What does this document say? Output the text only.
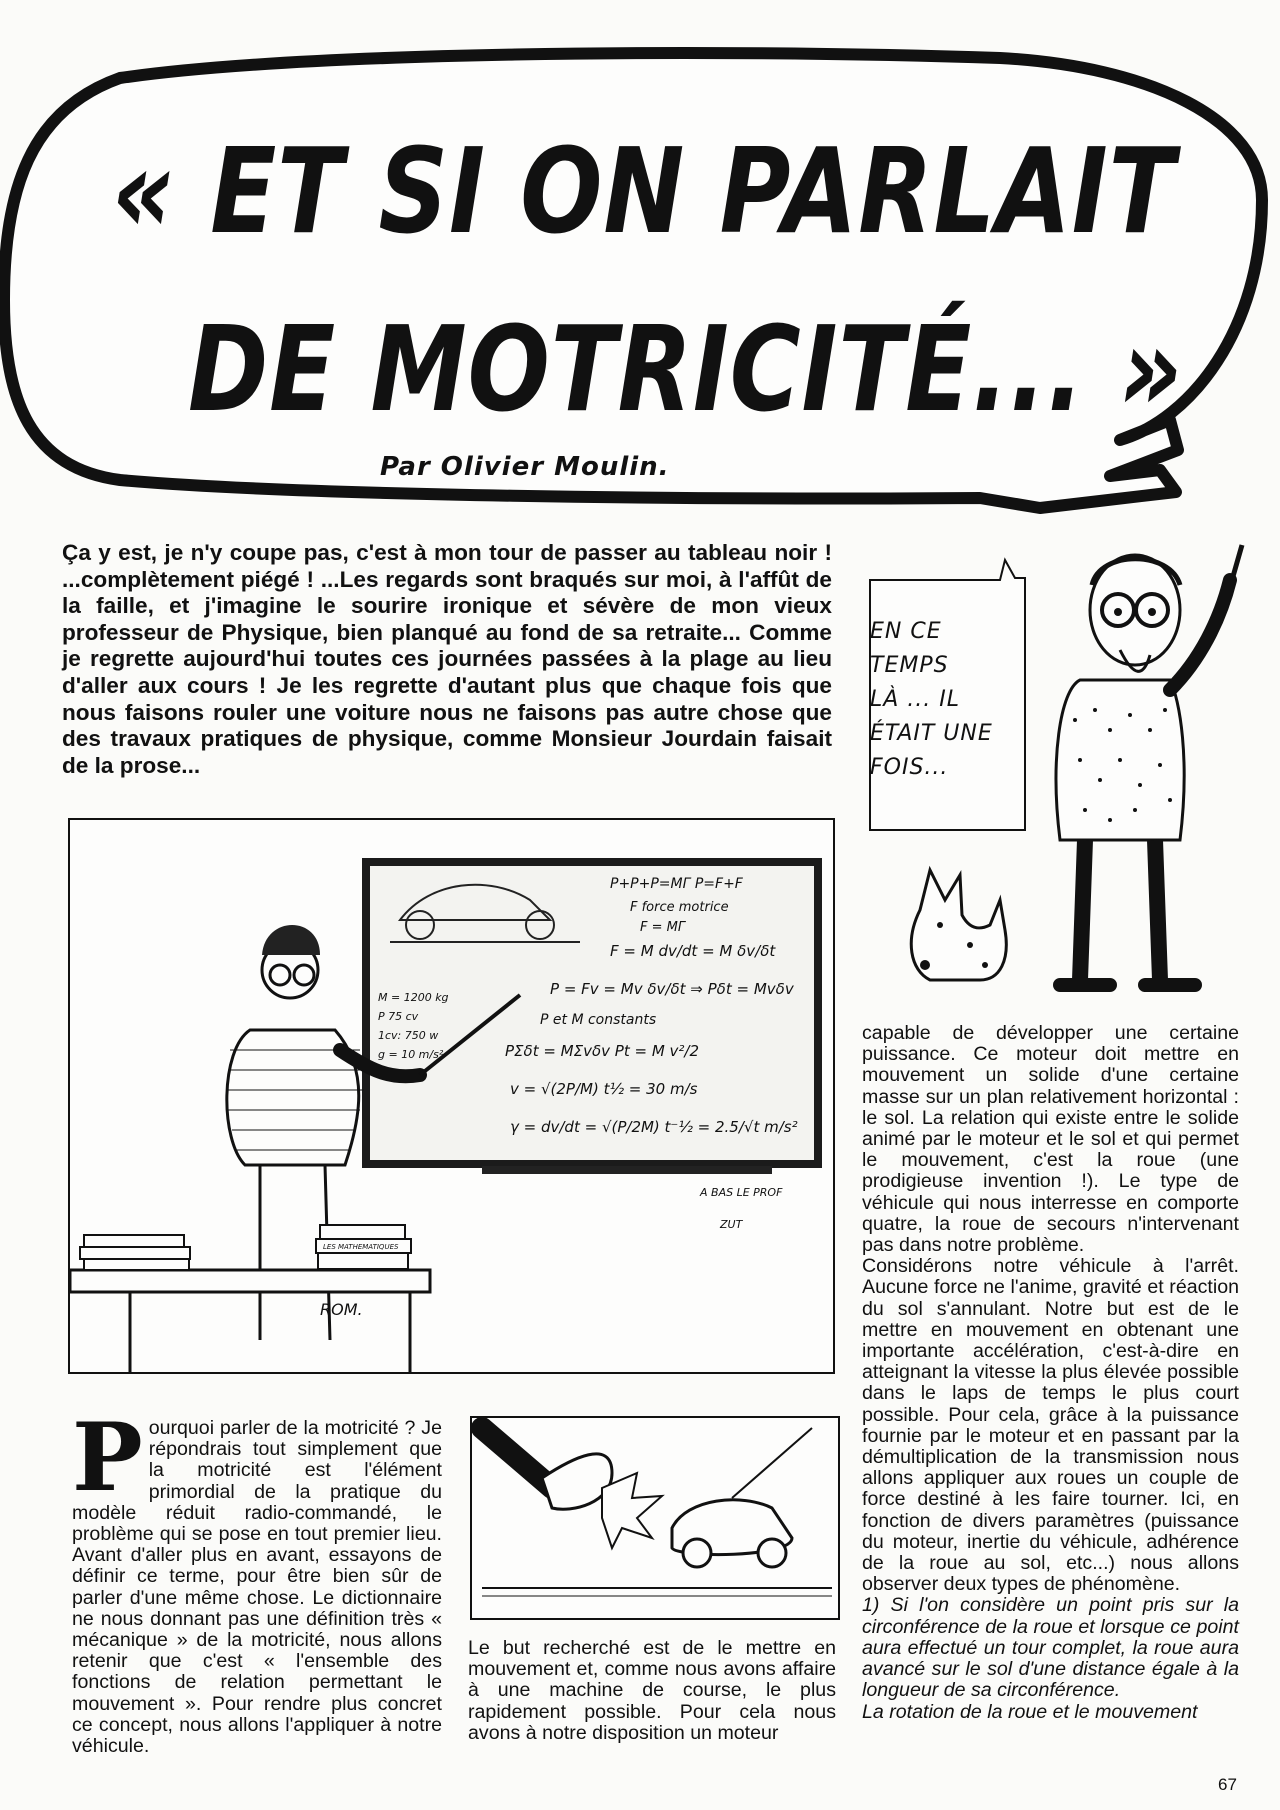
« ET SI ON PARLAIT
DE MOTRICITÉ... »
Par Olivier Moulin.
Ça y est, je n'y coupe pas, c'est à mon tour de passer au tableau noir ! ...complètement piégé ! ...Les regards sont braqués sur moi, à l'affût de la faille, et j'imagine le sourire ironique et sévère de mon vieux professeur de Physique, bien planqué au fond de sa retraite... Comme je regrette aujourd'hui toutes ces journées passées à la plage au lieu d'aller aux cours ! Je les regrette d'autant plus que chaque fois que nous faisons rouler une voiture nous ne faisons pas autre chose que des travaux pratiques de physique, comme Monsieur Jourdain faisait de la prose...
EN CE
TEMPS
LÀ ... IL
ÉTAIT UNE
FOIS...
P+P+P=MΓ P=F+F
F force motrice
F = MΓ
F = M dv/dt = M δv/δt
P = Fv = Mv δv/δt ⇒ Pδt = Mvδv
P et M constants
PΣδt = MΣvδv Pt = M v²/2
v = √(2P/M) t½ = 30 m/s
γ = dv/dt = √(P/2M) t⁻½ = 2.5/√t m/s²
M = 1200 kg
P 75 cv
1cv: 750 w
g = 10 m/s²
A BAS LE PROF
ZUT
ROM.
LES MATHEMATIQUES
Pourquoi parler de la motricité ? Je répondrais tout simplement que la motricité est l'élément primordial de la pratique du modèle réduit radio-commandé, le problème qui se pose en tout premier lieu. Avant d'aller plus en avant, essayons de définir ce terme, pour être bien sûr de parler d'une même chose. Le dictionnaire ne nous donnant pas une définition très « mécanique » de la motricité, nous allons retenir que c'est « l'ensemble des fonctions de relation permettant le mouvement ». Pour rendre plus concret ce concept, nous allons l'appliquer à notre véhicule.
Le but recherché est de le mettre en mouvement et, comme nous avons affaire à une machine de course, le plus rapidement possible. Pour cela nous avons à notre disposition un moteur
capable de développer une certaine puissance. Ce moteur doit mettre en mouvement un solide d'une certaine masse sur un plan relativement horizontal : le sol. La relation qui existe entre le solide animé par le moteur et le sol et qui permet le mouvement, c'est la roue (une prodigieuse invention !). Le type de véhicule qui nous interresse en comporte quatre, la roue de secours n'intervenant pas dans notre problème.
Considérons notre véhicule à l'arrêt. Aucune force ne l'anime, gravité et réaction du sol s'annulant. Notre but est de le mettre en mouvement en obtenant une importante accélération, c'est-à-dire en atteignant la vitesse la plus élevée possible dans le laps de temps le plus court possible. Pour cela, grâce à la puissance fournie par le moteur et en passant par la démultiplication de la transmission nous allons appliquer aux roues un couple de force destiné à les faire tourner. Ici, en fonction de divers paramètres (puissance du moteur, inertie du véhicule, adhérence de la roue au sol, etc...) nous allons observer deux types de phénomène.
1) Si l'on considère un point pris sur la circonférence de la roue et lorsque ce point aura effectué un tour complet, la roue aura avancé sur le sol d'une distance égale à la longueur de sa circonférence.
La rotation de la roue et le mouvement
67
